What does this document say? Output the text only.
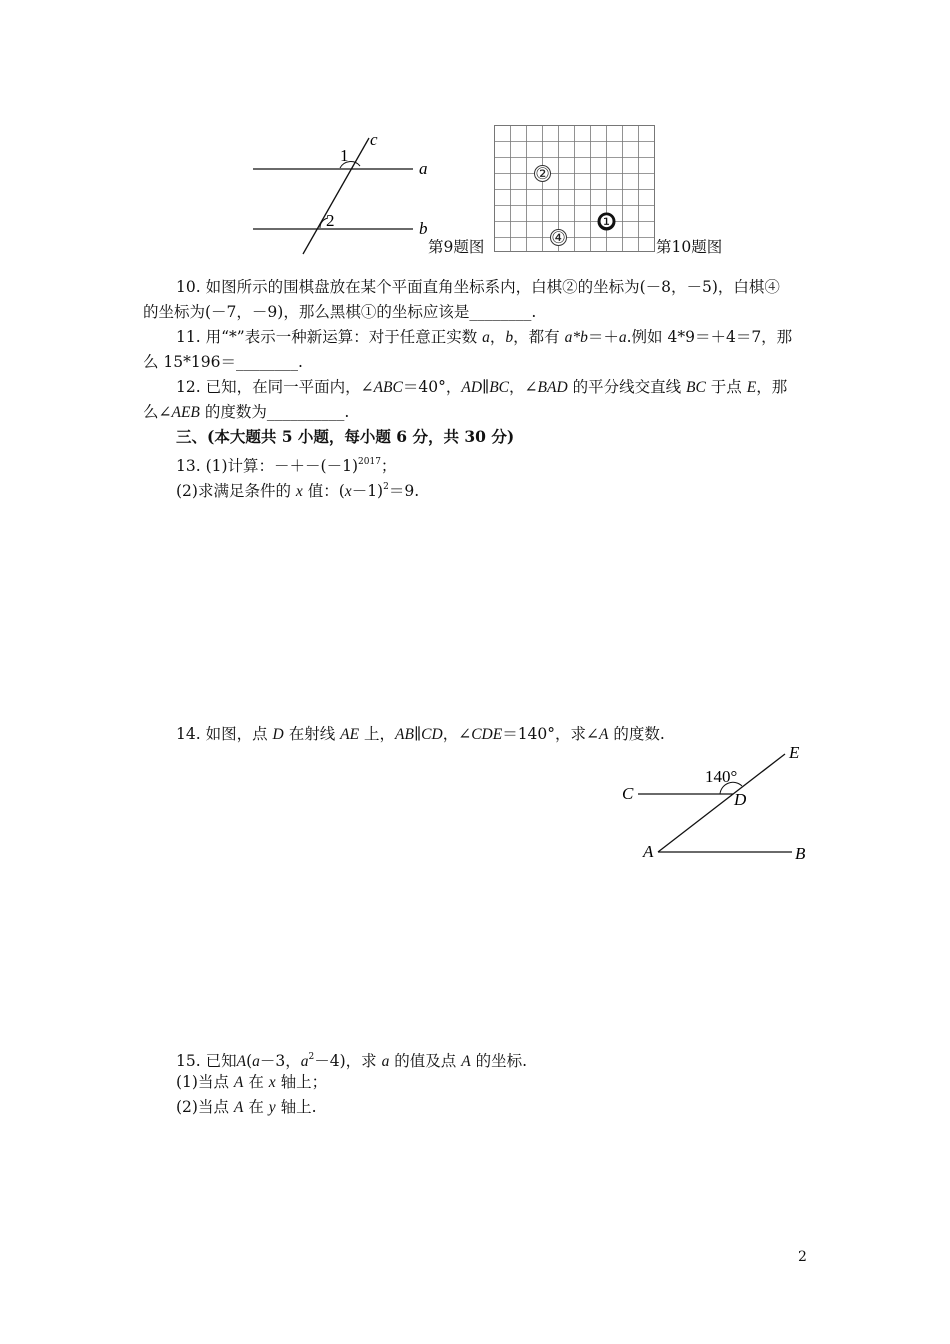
1
2
c
a
b
第9题图
②
④
❶
第10题图
10. 如图所示的围棋盘放在某个平面直角坐标系内，白棋②的坐标为(－8，－5)，白棋④
的坐标为(－7，－9)，那么黑棋①的坐标应该是________.
11. 用“*”表示一种新运算：对于任意正实数 a，b，都有 a*b＝＋a.例如 4*9＝＋4＝7，那
么 15*196＝________.
12. 已知，在同一平面内，∠ABC＝40°，AD∥BC，∠BAD 的平分线交直线 BC 于点 E，那
么∠AEB 的度数为__________.
三、(本大题共 5 小题，每小题 6 分，共 30 分)
13. (1)计算：$-+-(-1)^{2017}$；
(2)求满足条件的 x 值：$(x-1)^2=9$.
14. 如图，点 D 在射线 AE 上，AB∥CD，∠CDE＝140°，求∠A 的度数.
140°
E
C	D
A	B
15. 已知A(a－3，$a^2-4$)，求 a 的值及点 A 的坐标.
(1)当点 A 在 x 轴上；
(2)当点 A 在 y 轴上.
2
